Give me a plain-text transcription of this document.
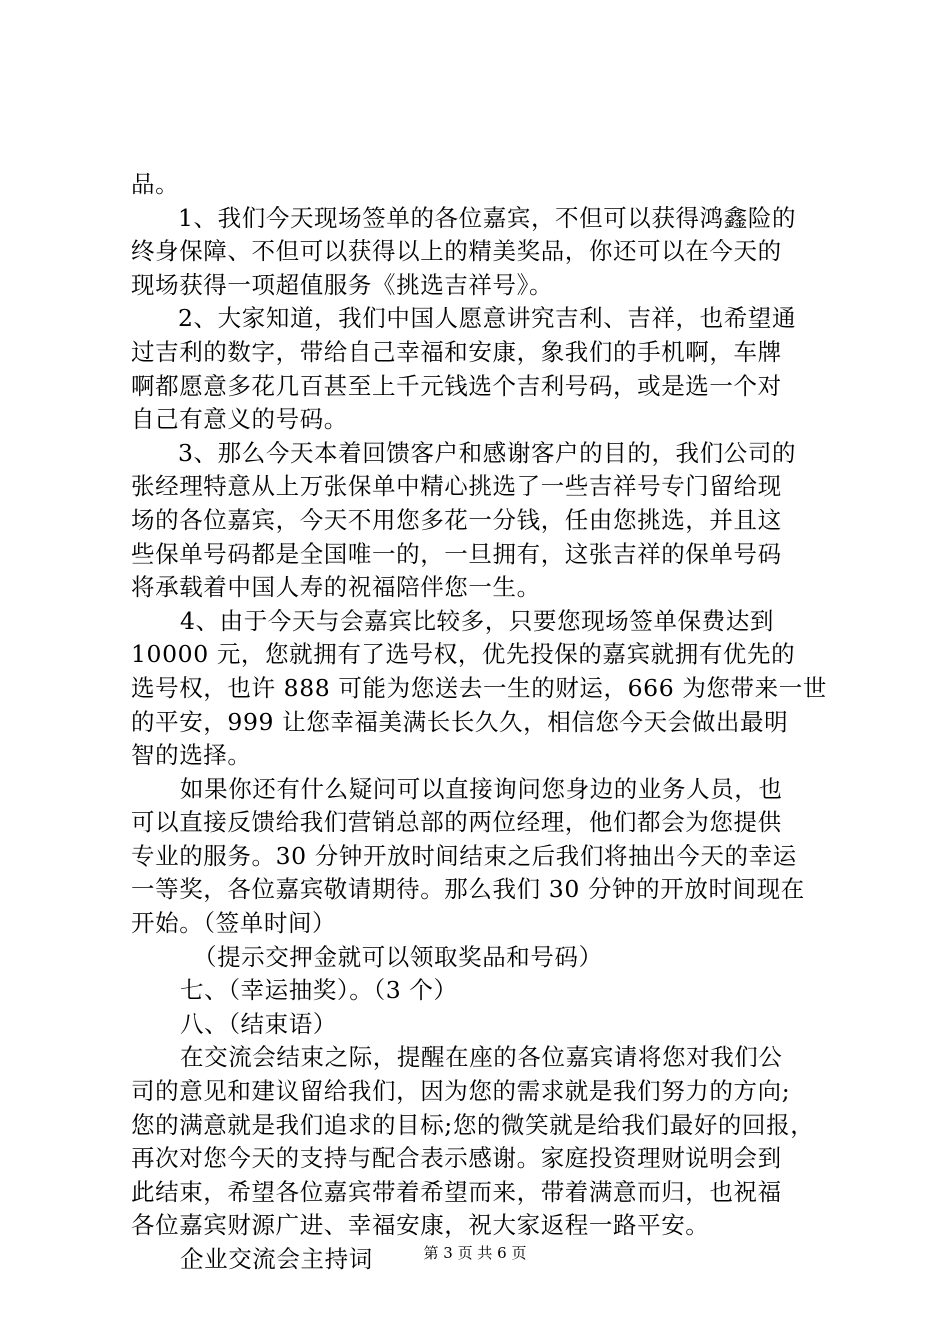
品。
1、我们今天现场签单的各位嘉宾，不但可以获得鸿鑫险的
终身保障、不但可以获得以上的精美奖品，你还可以在今天的
现场获得一项超值服务《挑选吉祥号》。
2、大家知道，我们中国人愿意讲究吉利、吉祥，也希望通
过吉利的数字，带给自己幸福和安康，象我们的手机啊，车牌
啊都愿意多花几百甚至上千元钱选个吉利号码，或是选一个对
自己有意义的号码。
3、那么今天本着回馈客户和感谢客户的目的，我们公司的
张经理特意从上万张保单中精心挑选了一些吉祥号专门留给现
场的各位嘉宾，今天不用您多花一分钱，任由您挑选，并且这
些保单号码都是全国唯一的，一旦拥有，这张吉祥的保单号码
将承载着中国人寿的祝福陪伴您一生。
4、由于今天与会嘉宾比较多，只要您现场签单保费达到
10000 元，您就拥有了选号权，优先投保的嘉宾就拥有优先的
选号权，也许 888 可能为您送去一生的财运，666 为您带来一世
的平安，999 让您幸福美满长长久久，相信您今天会做出最明
智的选择。
如果你还有什么疑问可以直接询问您身边的业务人员，也
可以直接反馈给我们营销总部的两位经理，他们都会为您提供
专业的服务。30 分钟开放时间结束之后我们将抽出今天的幸运
一等奖，各位嘉宾敬请期待。那么我们 30 分钟的开放时间现在
开始。（签单时间）
（提示交押金就可以领取奖品和号码）
七、（幸运抽奖）。（3 个）
八、（结束语）
在交流会结束之际，提醒在座的各位嘉宾请将您对我们公
司的意见和建议留给我们，因为您的需求就是我们努力的方向;
您的满意就是我们追求的目标;您的微笑就是给我们最好的回报，
再次对您今天的支持与配合表示感谢。家庭投资理财说明会到
此结束，希望各位嘉宾带着希望而来，带着满意而归，也祝福
各位嘉宾财源广进、幸福安康，祝大家返程一路平安。
企业交流会主持词	第 3 页 共 6 页
